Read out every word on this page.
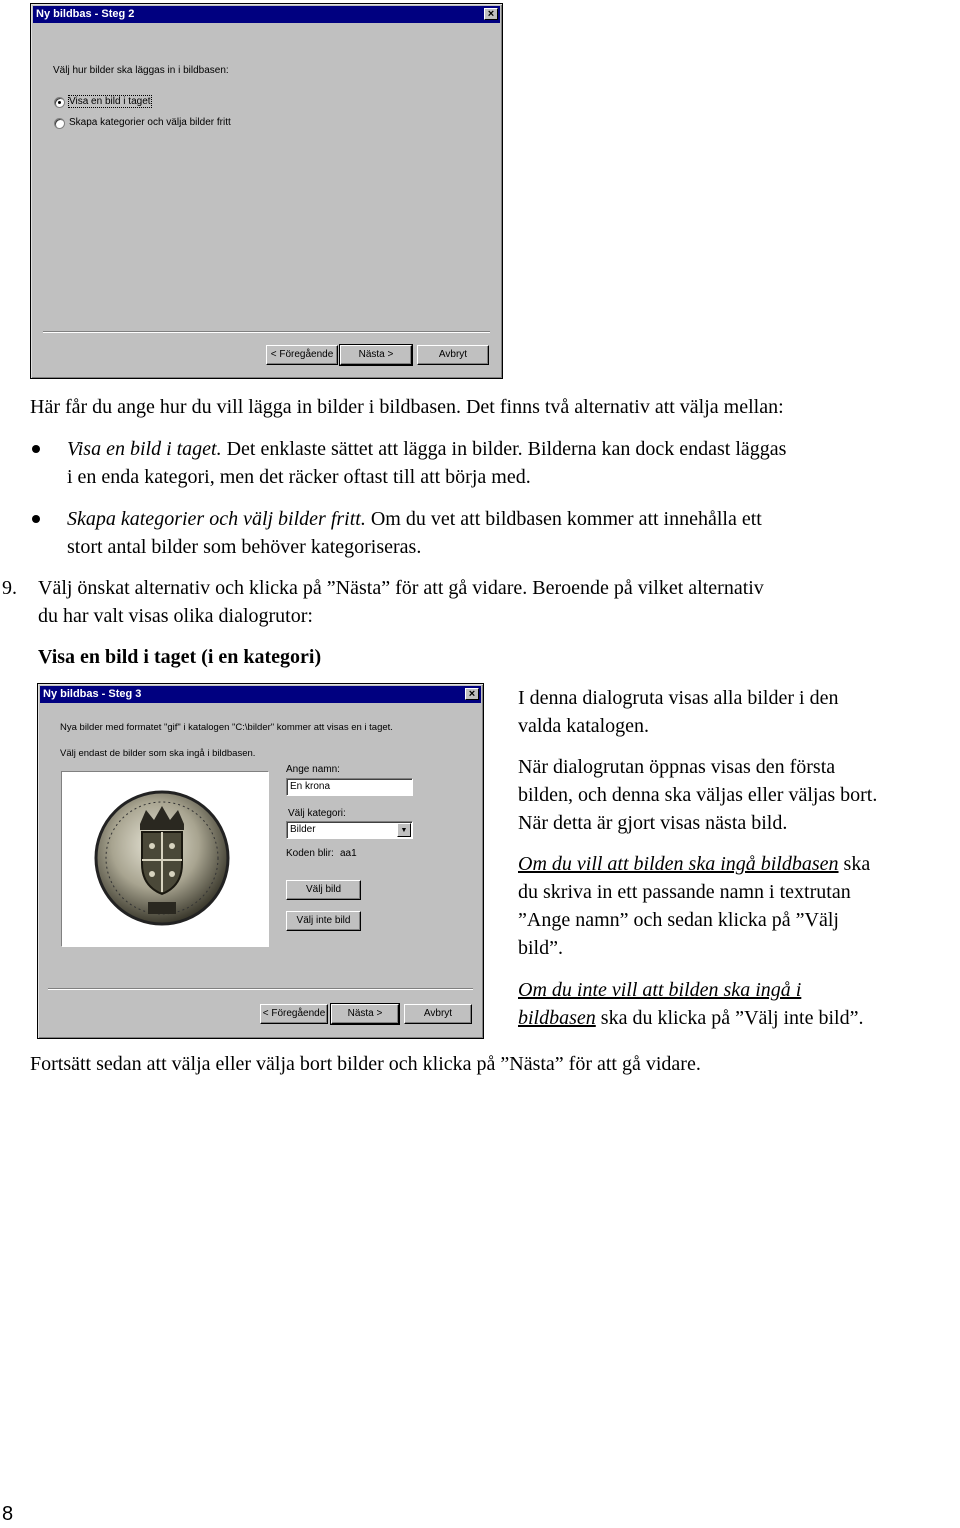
Ny bildbas - Steg 2	×
Välj hur bilder ska läggas in i bildbasen:
Visa en bild i taget
Skapa kategorier och välja bilder fritt
< Föregående	Nästa >	Avbryt
Här får du ange hur du vill lägga in bilder i bildbasen. Det finns två alternativ att välja mellan:
Visa en bild i taget. Det enklaste sättet att lägga in bilder. Bilderna kan dock endast läggas
i en enda kategori, men det räcker oftast till att börja med.
Skapa kategorier och välj bilder fritt. Om du vet att bildbasen kommer att innehålla ett
stort antal bilder som behöver kategoriseras.
9. Välj önskat alternativ och klicka på ”Nästa” för att gå vidare. Beroende på vilket alternativ
du har valt visas olika dialogrutor:
Visa en bild i taget (i en kategori)
Ny bildbas - Steg 3	×
Nya bilder med formatet "gif" i katalogen "C:\bilder" kommer att visas en i taget.
Välj endast de bilder som ska ingå i bildbasen.
Ange namn:
En krona
Välj kategori:
Bilder	▼
Koden blir: aa1
Välj bild
Välj inte bild
< Föregående	Nästa >	Avbryt
I denna dialogruta visas alla bilder i den
valda katalogen.
När dialogrutan öppnas visas den första
bilden, och denna ska väljas eller väljas bort.
När detta är gjort visas nästa bild.
Om du vill att bilden ska ingå bildbasen ska
du skriva in ett passande namn i textrutan
”Ange namn” och sedan klicka på ”Välj
bild”.
Om du inte vill att bilden ska ingå i
bildbasen ska du klicka på ”Välj inte bild”.
Fortsätt sedan att välja eller välja bort bilder och klicka på ”Nästa” för att gå vidare.
8
